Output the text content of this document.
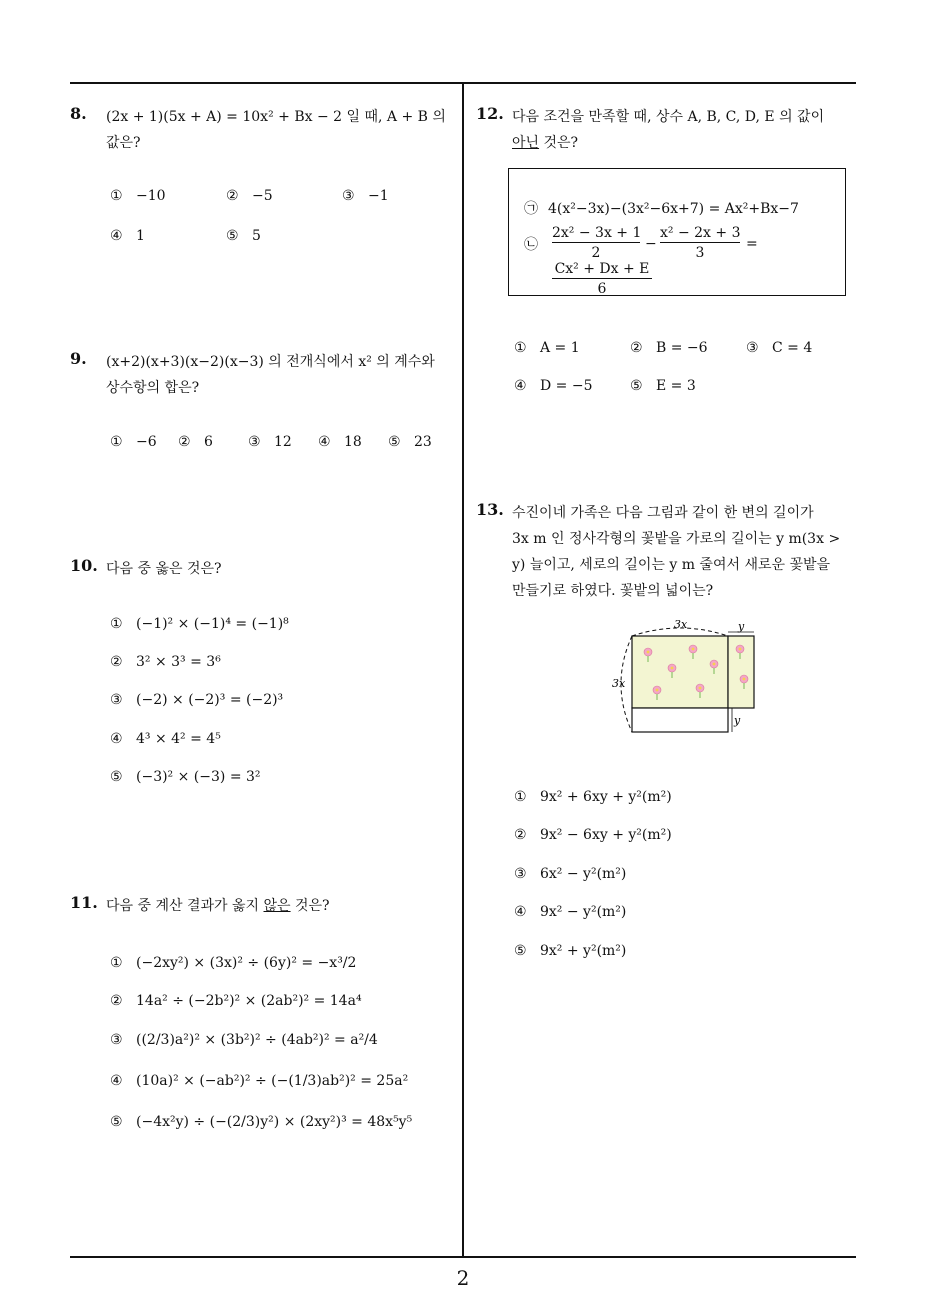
8. (2x + 1)(5x + A) = 10x² + Bx − 2 일 때, A + B 의
값은?
① −10	② −5	③ −1
④ 1	⑤ 5
9. (x+2)(x+3)(x−2)(x−3) 의 전개식에서 x² 의 계수와
상수항의 합은?
① −6 ② 6	③ 12 ④ 18 ⑤ 23
10. 다음 중 옳은 것은?
① (−1)² × (−1)⁴ = (−1)⁸
② 3² × 3³ = 3⁶
③ (−2) × (−2)³ = (−2)³
④ 4³ × 4² = 4⁵
⑤ (−3)² × (−3) = 3²
11. 다음 중 계산 결과가 옳지 않은 것은?
① (−2xy²) × (3x)² ÷ (6y)² = −x³/2
② 14a² ÷ (−2b²)² × (2ab²)² = 14a⁴
③ ((2/3)a²)² × (3b²)² ÷ (4ab²)² = a²/4
④ (10a)² × (−ab²)² ÷ (−(1/3)ab²)² = 25a²
⑤ (−4x²y) ÷ (−(2/3)y²) × (2xy²)³ = 48x⁵y⁵
12. 다음 조건을 만족할 때, 상수 A, B, C, D, E 의 값이
아닌 것은?
㉠ 4(x²−3x)−(3x²−6x+7) = Ax²+Bx−7
㉡
2x² − 3x + 1
2
−
x² − 2x + 3
3
=
Cx² + Dx + E
6
① A = 1	② B = −6	③ C = 4
④ D = −5	⑤ E = 3
13. 수진이네 가족은 다음 그림과 같이 한 변의 길이가
3x m 인 정사각형의 꽃밭을 가로의 길이는 y m(3x >
y) 늘이고, 세로의 길이는 y m 줄여서 새로운 꽃밭을
만들기로 하였다. 꽃밭의 넓이는?
3x	y
3x
y
① 9x² + 6xy + y²(m²)
② 9x² − 6xy + y²(m²)
③ 6x² − y²(m²)
④ 9x² − y²(m²)
⑤ 9x² + y²(m²)
2
